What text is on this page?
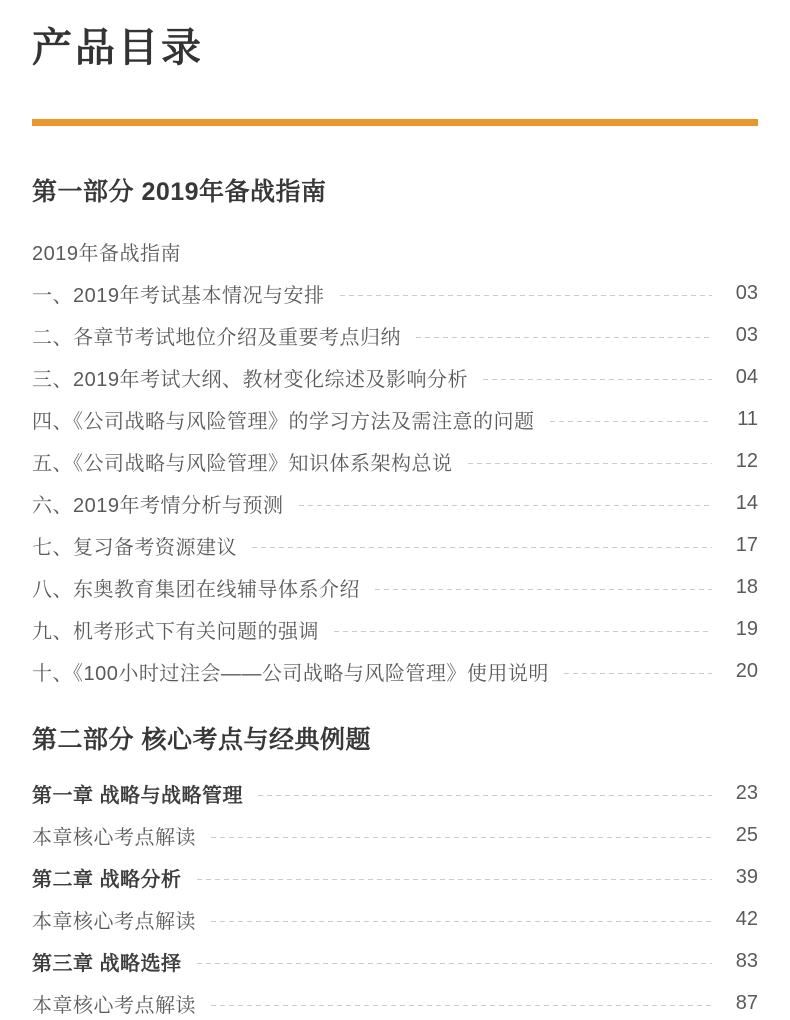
产品目录
第一部分 2019年备战指南
2019年备战指南
一、2019年考试基本情况与安排	03
二、各章节考试地位介绍及重要考点归纳	03
三、2019年考试大纲、教材变化综述及影响分析	04
四、《公司战略与风险管理》的学习方法及需注意的问题	11
五、《公司战略与风险管理》知识体系架构总说	12
六、2019年考情分析与预测	14
七、复习备考资源建议	17
八、东奥教育集团在线辅导体系介绍	18
九、机考形式下有关问题的强调	19
十、《100小时过注会——公司战略与风险管理》使用说明	20
第二部分 核心考点与经典例题
第一章 战略与战略管理	23
本章核心考点解读	25
第二章 战略分析	39
本章核心考点解读	42
第三章 战略选择	83
本章核心考点解读	87
